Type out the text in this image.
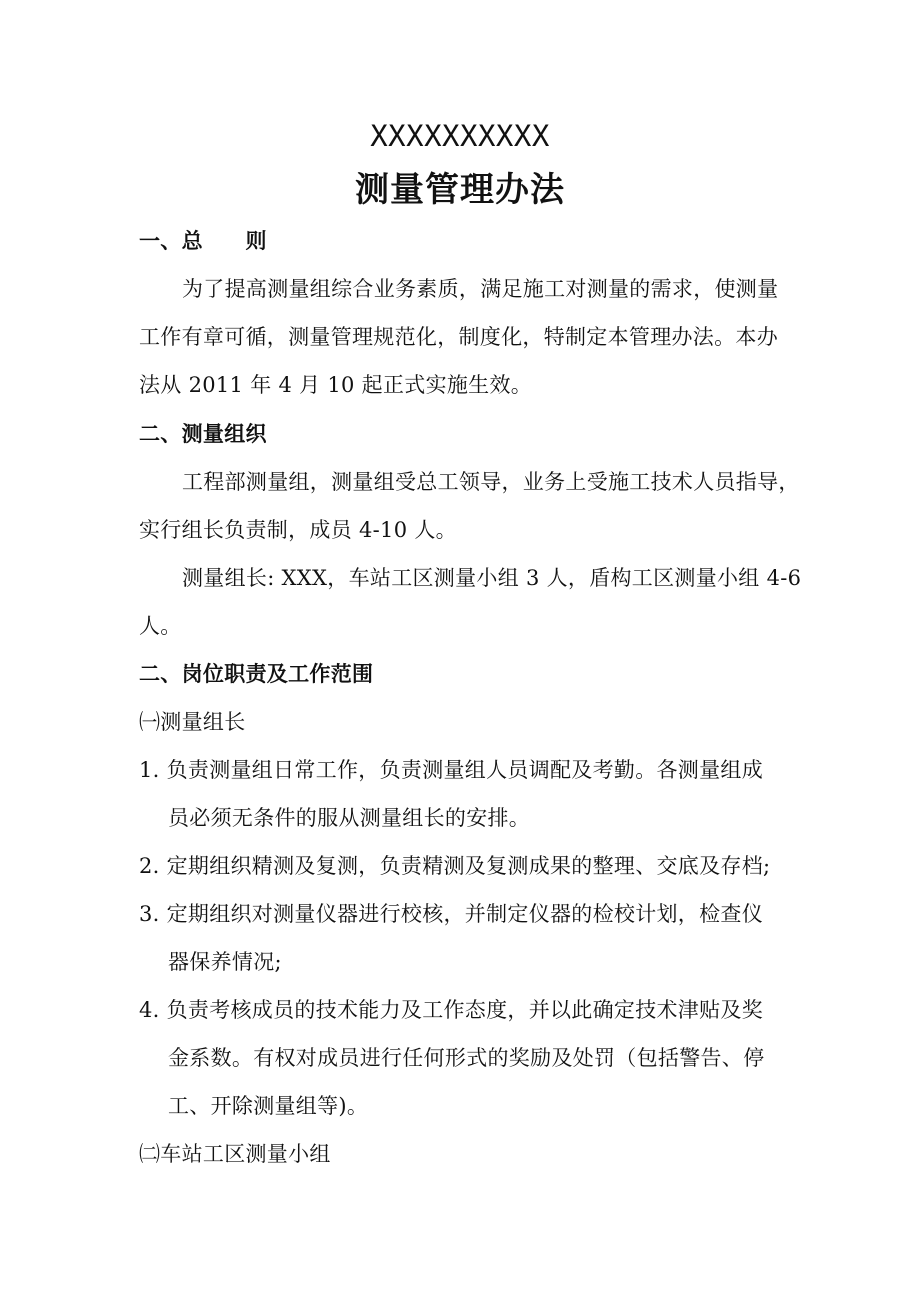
XXXXXXXXXX
测量管理办法
一、总　　则
为了提高测量组综合业务素质，满足施工对测量的需求，使测量
工作有章可循，测量管理规范化，制度化，特制定本管理办法。本办
法从 2011 年 4 月 10 起正式实施生效。
二、测量组织
工程部测量组，测量组受总工领导，业务上受施工技术人员指导，
实行组长负责制，成员 4-10 人。
测量组长: XXX，车站工区测量小组 3 人，盾构工区测量小组 4-6
人。
二、岗位职责及工作范围
㈠测量组长
1. 负责测量组日常工作，负责测量组人员调配及考勤。各测量组成
员必须无条件的服从测量组长的安排。
2. 定期组织精测及复测，负责精测及复测成果的整理、交底及存档;
3. 定期组织对测量仪器进行校核，并制定仪器的检校计划，检查仪
器保养情况;
4. 负责考核成员的技术能力及工作态度，并以此确定技术津贴及奖
金系数。有权对成员进行任何形式的奖励及处罚（包括警告、停
工、开除测量组等)。
㈡车站工区测量小组
